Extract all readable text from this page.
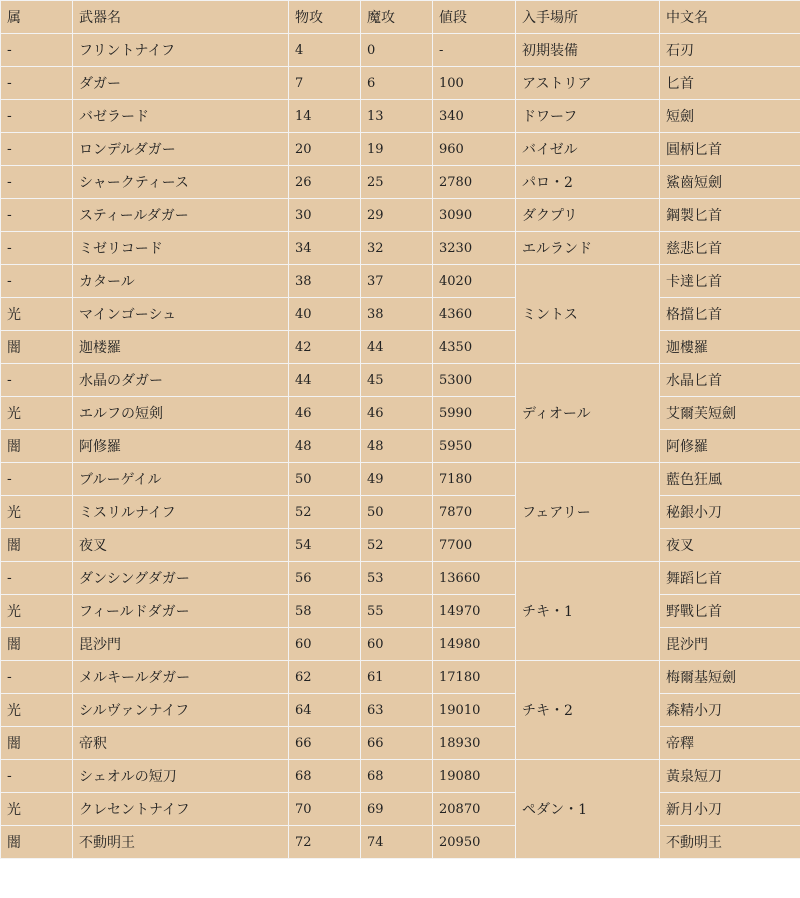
属	武器名	物攻	魔攻	値段	入手場所	中文名
-	フリントナイフ	4	0	-	初期装備	石刃
-	ダガー	7	6	100	アストリア	匕首
-	バゼラード	14	13	340	ドワーフ	短劍
-	ロンデルダガー	20	19	960	バイゼル	圓柄匕首
-	シャークティース	26	25	2780	パロ・2	鯊齒短劍
-	スティールダガー	30	29	3090	ダクプリ	鋼製匕首
-	ミゼリコード	34	32	3230	エルランド	慈悲匕首
-	カタール	38	37	4020	ミントス	卡達匕首
光	マインゴーシュ	40	38	4360		格擋匕首
闇	迦楼羅	42	44	4350		迦樓羅
-	水晶のダガー	44	45	5300	ディオール	水晶匕首
光	エルフの短剣	46	46	5990		艾爾芙短劍
闇	阿修羅	48	48	5950		阿修羅
-	ブルーゲイル	50	49	7180	フェアリー	藍色狂風
光	ミスリルナイフ	52	50	7870		秘銀小刀
闇	夜叉	54	52	7700		夜叉
-	ダンシングダガー	56	53	13660	チキ・1	舞蹈匕首
光	フィールドダガー	58	55	14970		野戰匕首
闇	毘沙門	60	60	14980		毘沙門
-	メルキールダガー	62	61	17180	チキ・2	梅爾基短劍
光	シルヴァンナイフ	64	63	19010		森精小刀
闇	帝釈	66	66	18930		帝釋
-	シェオルの短刀	68	68	19080	ペダン・1	黃泉短刀
光	クレセントナイフ	70	69	20870		新月小刀
闇	不動明王	72	74	20950		不動明王
